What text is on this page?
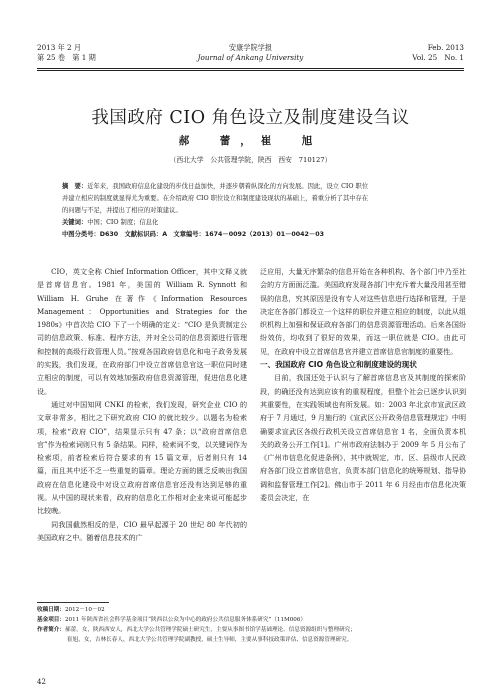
2013 年 2 月
第 25 卷　第 1 期
安康学院学报
Journal of Ankang University
Feb. 2013
Vol. 25　No. 1
我国政府 CIO 角色设立及制度建设刍议
郝　蕾，崔　旭
（西北大学　公共管理学院，陕西　西安　710127）
摘　要：近年来，我国政府信息化建设的步伐日益加快，并逐步朝着纵深化的方向发展。因此，设立 CIO 职位
并建立相应的制度就显得尤为重要。在介绍政府 CIO 职位设立和制度建设现状的基础上，着重分析了其中存在
的问题与不足，并提出了相应的对策建议。
关键词：中国；CIO 制度；信息化
中图分类号：D630　文献标识码：A　文章编号：1674－0092（2013）01－0042－03

CIO，英文全称 Chief Information Officer，其中文释义就是首席信息官。1981 年，美国的 William R. Synnott 和 William H. Gruhe 在著作《Information Resources Management：Opportunities and Strategies for the 1980s》中首次给 CIO 下了一个明确的定义：“CIO 是负责制定公司的信息政策、标准、程序方法，并对全公司的信息资源进行管理和控制的高级行政管理人员。”按观各国政府信息化和电子政务发展的实践，我们发现，在政府部门中设立首席信息官这一职位同时建立相应的制度，可以有效地加强政府信息资源管理，促进信息化建设。

通过对中国知网 CNKI 的检索，我们发现，研究企业 CIO 的文章非常多，相比之下研究政府 CIO 的就比较少。以题名为检索项，检索“政府 CIO”，结果显示只有 47 条；以“政府首席信息官”作为检索词则只有 5 条结果。同样，检索词不变，以关键词作为检索项，前者检索后符合要求的有 15 篇文章，后者则只有 14 篇，而且其中还不乏一些重复的篇章。理论方面的匮乏反映出我国政府在信息化建设中对设立政府首席信息官还没有达到足够的重视。从中国的现状来看，政府的信息化工作相对企业来说可能起步比较晚。

同我国截然相反的是，CIO 最早起源于 20 世纪 80 年代初的美国政府之中。随着信息技术的广

泛应用，大量无序繁杂的信息开始在各种机构、各个部门中乃至社会的方方面面泛滥。美国政府发现各部门中充斥着大量没用甚至错误的信息，究其原因是没有专人对这些信息进行选择和管理，于是决定在各部门都设立一个这样的职位并建立相应的制度，以此从组织机构上加强和保证政府各部门的信息资源管理活动。后来各国纷纷效仿，均收到了很好的效果，而这一职位就是 CIO。由此可见，在政府中设立首席信息官并建立首席信息官制度的重要性。

一、我国政府 CIO 角色设立和制度建设的现状

目前，我国还处于认识与了解首席信息官及其制度的探索阶段，的确还没有达到应该有的重视程度，但整个社会已逐步认识到其重要性，在实践领域也有所发展。如：2003 年北京市宣武区政府于 7 月通过，9 月施行的《宣武区公开政务信息管理规定》中明确要求宣武区各级行政机关设立首席信息官 1 名，全面负责本机关的政务公开工作[1]。广州市政府法制办于 2009 年 5 月公布了《广州市信息化促进条例》，其中就规定，市、区、县级市人民政府各部门设立首席信息官，负责本部门信息化的统筹规划、指导协调和监督管理工作[2]。佛山市于 2011 年 6 月经由市信息化决策委员会决定，在

收稿日期：2012－10－02
基金项目：2011 年陕西省社会科学基金项目“陕西以公众为中心的政府公共信息服务体系研究”（11M006）
作者简介：郝蕾，女，陕西西安人，西北大学公共管理学院硕士研究生，主要从事图书馆学基础理论、信息资源组织与整理研究；
崔旭，女，吉林长春人，西北大学公共管理学院副教授，硕士生导师，主要从事科技政策评估、信息资源管理研究。
42
